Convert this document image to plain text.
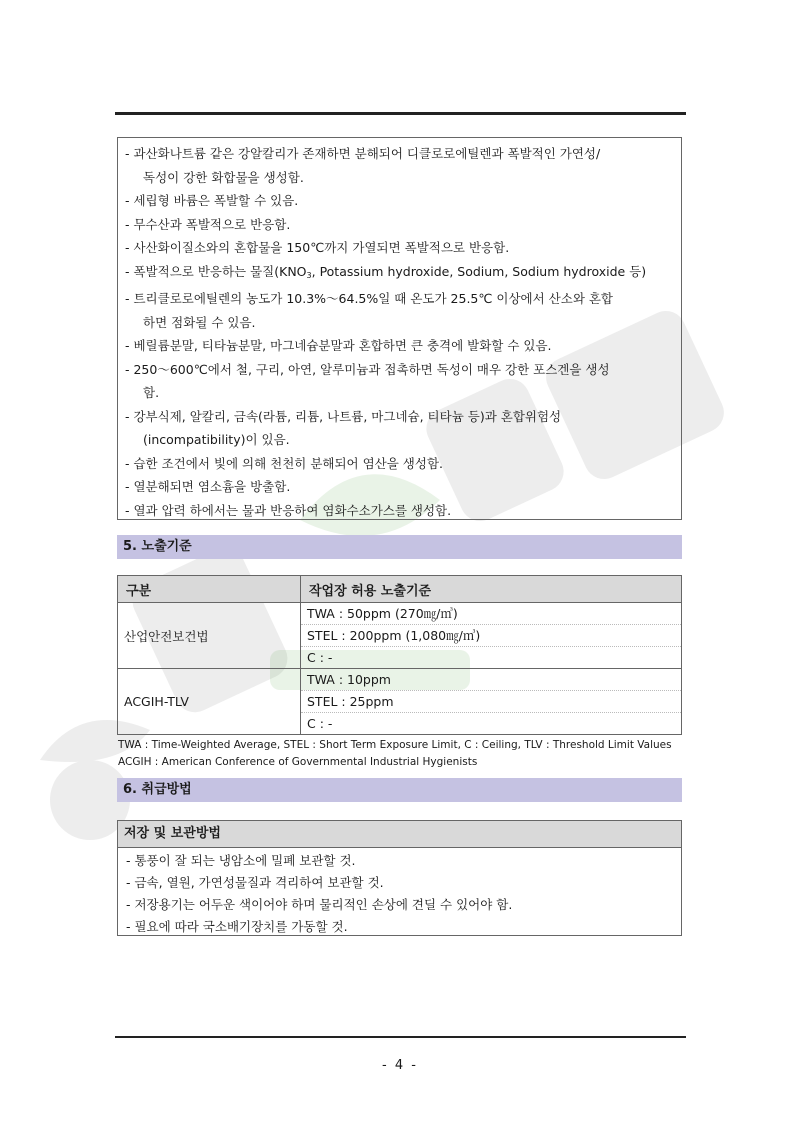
- 과산화나트륨 같은 강알칼리가 존재하면 분해되어 디클로로에틸렌과 폭발적인 가연성/
독성이 강한 화합물을 생성함.
- 세립형 바륨은 폭발할 수 있음.
- 무수산과 폭발적으로 반응함.
- 사산화이질소와의 혼합물을 150℃까지 가열되면 폭발적으로 반응함.
- 폭발적으로 반응하는 물질($KNO_3$, Potassium hydroxide, Sodium, Sodium hydroxide 등)
- 트리클로로에틸렌의 농도가 10.3%～64.5%일 때 온도가 25.5℃ 이상에서 산소와 혼합
하면 점화될 수 있음.
- 베릴륨분말, 티타늄분말, 마그네슘분말과 혼합하면 큰 충격에 발화할 수 있음.
- 250～600℃에서 철, 구리, 아연, 알루미늄과 접촉하면 독성이 매우 강한 포스겐을 생성
함.
- 강부식제, 알칼리, 금속(라튬, 리튬, 나트륨, 마그네슘, 티타늄 등)과 혼합위험성
(incompatibility)이 있음.
- 습한 조건에서 빛에 의해 천천히 분해되어 염산을 생성함.
- 열분해되면 염소흄을 방출함.
- 열과 압력 하에서는 물과 반응하여 염화수소가스를 생성함.
5. 노출기준
구분	작업장 허용 노출기준
산업안전보건법	TWA : 50ppm (270㎎/㎥)
STEL : 200ppm (1,080㎎/㎥)
C : -

ACGIH-TLV	TWA : 10ppm
STEL : 25ppm
C : -
TWA : Time-Weighted Average, STEL : Short Term Exposure Limit, C : Ceiling, TLV : Threshold Limit Values
ACGIH : American Conference of Governmental Industrial Hygienists
6. 취급방법
저장 및 보관방법
- 통풍이 잘 되는 냉암소에 밀폐 보관할 것.
- 금속, 열원, 가연성물질과 격리하여 보관할 것.
- 저장용기는 어두운 색이어야 하며 물리적인 손상에 견딜 수 있어야 함.
- 필요에 따라 국소배기장치를 가동할 것.
- 4 -
